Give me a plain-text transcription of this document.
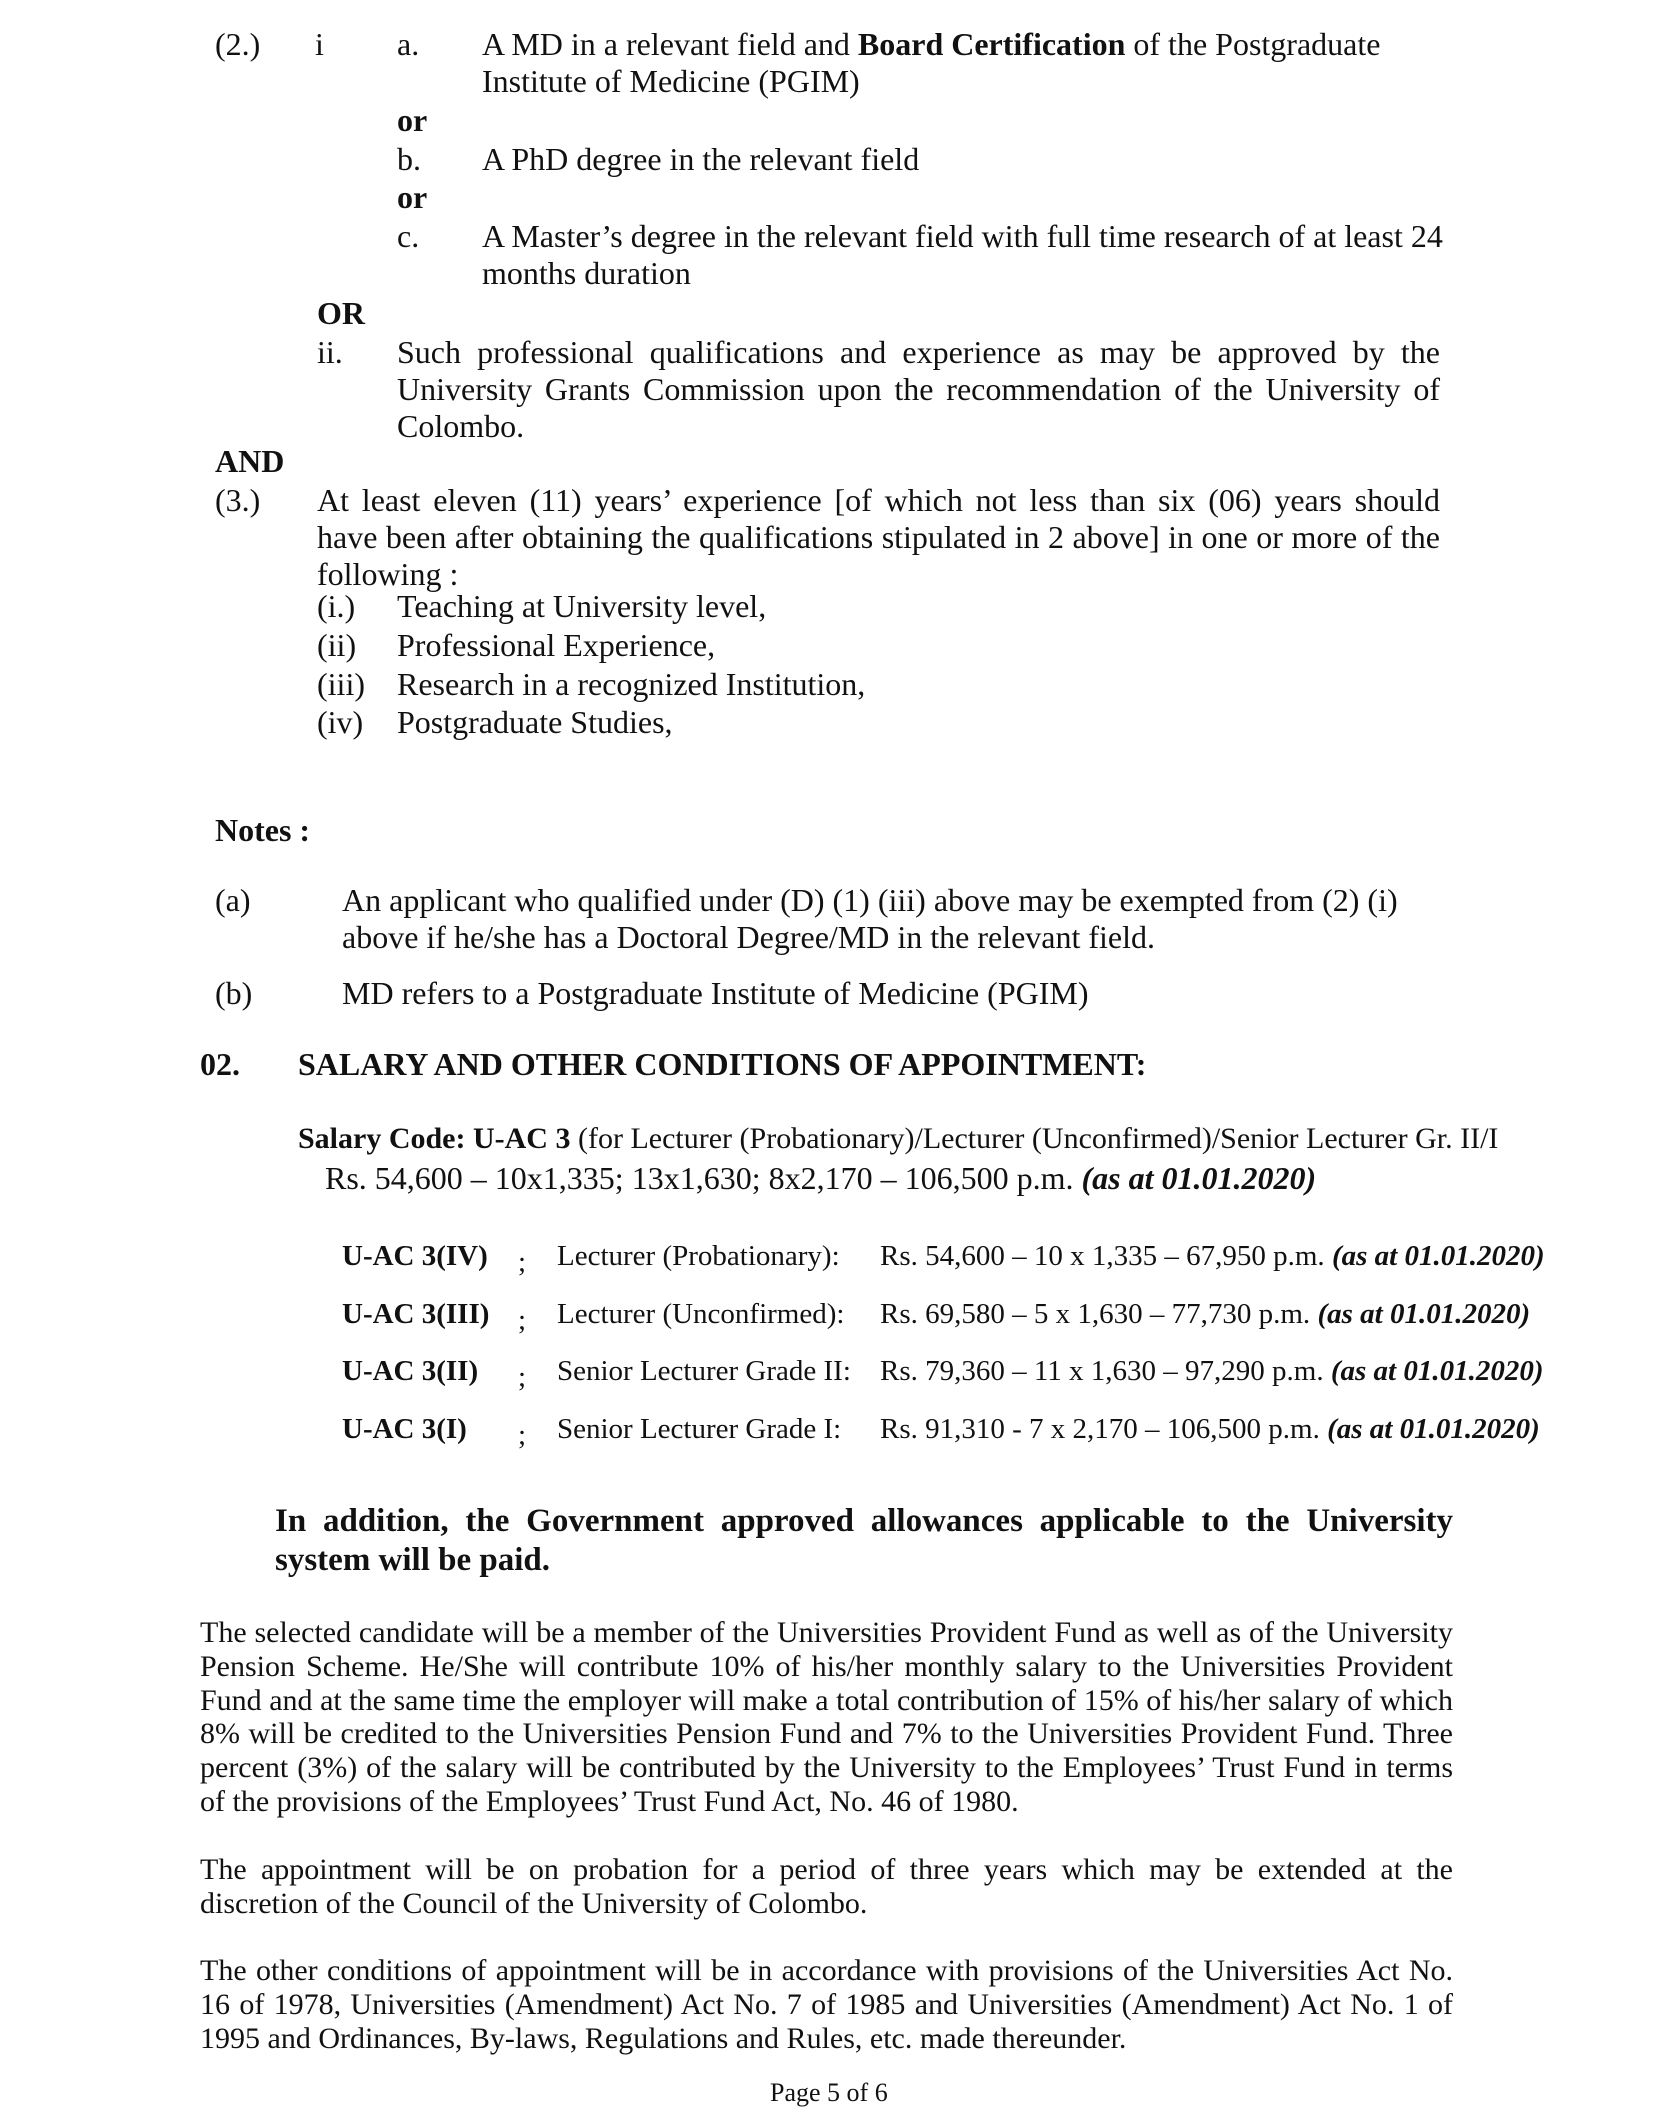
(2.) i a. A MD in a relevant field and Board Certification of the Postgraduate Institute of Medicine (PGIM)
or
b. A PhD degree in the relevant field
or
c. A Master’s degree in the relevant field with full time research of at least 24 months duration
OR
ii. Such professional qualifications and experience as may be approved by the University Grants Commission upon the recommendation of the University of Colombo.
AND
(3.) At least eleven (11) years’ experience [of which not less than six (06) years should have been after obtaining the qualifications stipulated in 2 above] in one or more of the following :
(i.) Teaching at University level,
(ii) Professional Experience,
(iii) Research in a recognized Institution,
(iv) Postgraduate Studies,
Notes :
(a)	An applicant who qualified under (D) (1) (iii) above may be exempted from (2) (i) above if he/she has a Doctoral Degree/MD in the relevant field.
(b)	MD refers to a Postgraduate Institute of Medicine (PGIM)
02. SALARY AND OTHER CONDITIONS OF APPOINTMENT:
Salary Code: U-AC 3 (for Lecturer (Probationary)/Lecturer (Unconfirmed)/Senior Lecturer Gr. II/I
Rs. 54,600 – 10x1,335; 13x1,630; 8x2,170 – 106,500 p.m. (as at 01.01.2020)
U-AC 3(IV) ; Lecturer (Probationary): Rs. 54,600 – 10 x 1,335 – 67,950 p.m. (as at 01.01.2020)
U-AC 3(III) ; Lecturer (Unconfirmed): Rs. 69,580 – 5 x 1,630 – 77,730 p.m. (as at 01.01.2020)
U-AC 3(II) ; Senior Lecturer Grade II: Rs. 79,360 – 11 x 1,630 – 97,290 p.m. (as at 01.01.2020)
U-AC 3(I) ; Senior Lecturer Grade I: Rs. 91,310 - 7 x 2,170 – 106,500 p.m. (as at 01.01.2020)
In addition, the Government approved allowances applicable to the University system will be paid.
The selected candidate will be a member of the Universities Provident Fund as well as of the University Pension Scheme. He/She will contribute 10% of his/her monthly salary to the Universities Provident Fund and at the same time the employer will make a total contribution of 15% of his/her salary of which 8% will be credited to the Universities Pension Fund and 7% to the Universities Provident Fund. Three percent (3%) of the salary will be contributed by the University to the Employees’ Trust Fund in terms of the provisions of the Employees’ Trust Fund Act, No. 46 of 1980.
The appointment will be on probation for a period of three years which may be extended at the discretion of the Council of the University of Colombo.
The other conditions of appointment will be in accordance with provisions of the Universities Act No. 16 of 1978, Universities (Amendment) Act No. 7 of 1985 and Universities (Amendment) Act No. 1 of 1995 and Ordinances, By-laws, Regulations and Rules, etc. made thereunder.
Page 5 of 6
